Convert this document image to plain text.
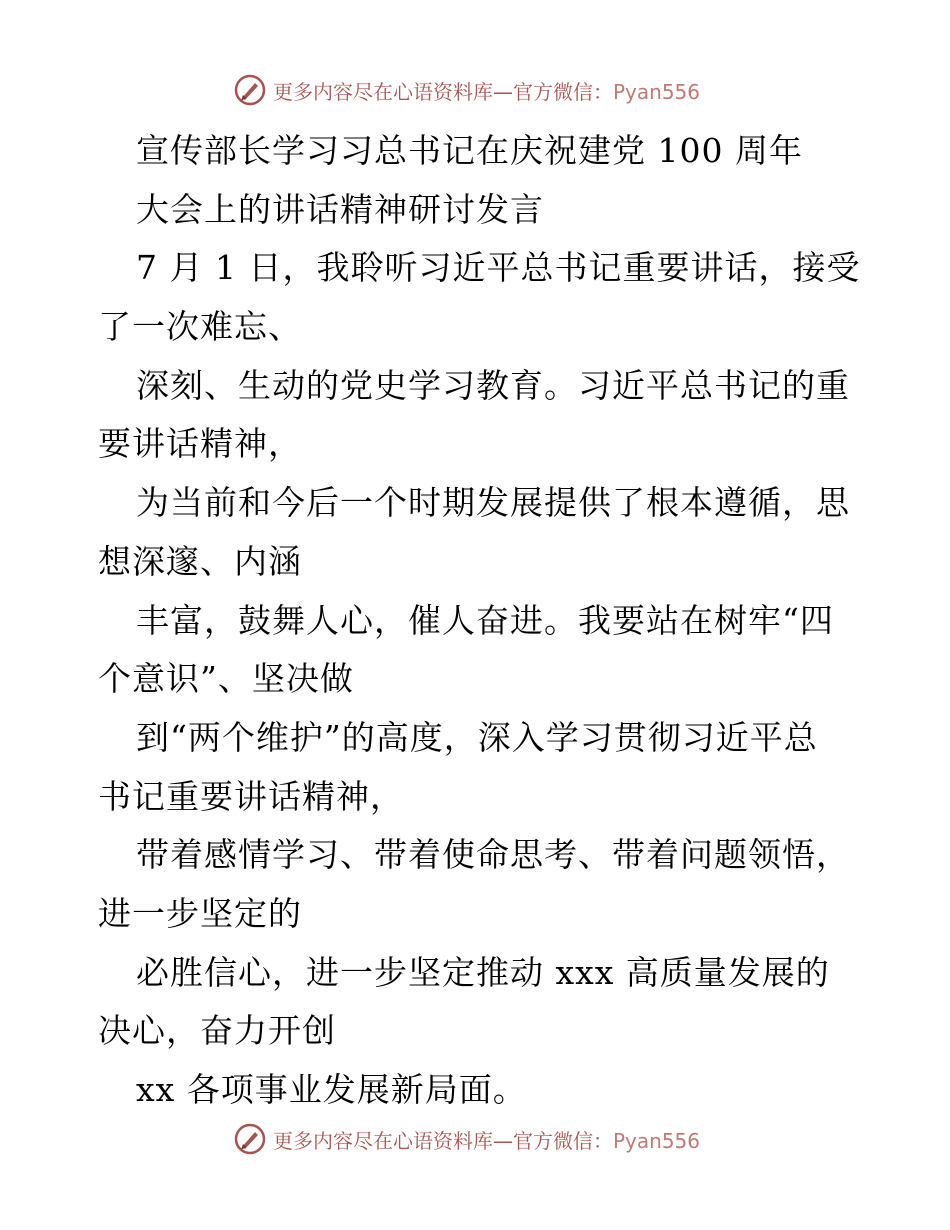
更多内容尽在心语资料库—官方微信：Pyan556
宣传部长学习习总书记在庆祝建党 100 周年
大会上的讲话精神研讨发言
7 月 1 日，我聆听习近平总书记重要讲话，接受
了一次难忘、
深刻、生动的党史学习教育。习近平总书记的重
要讲话精神，
为当前和今后一个时期发展提供了根本遵循，思
想深邃、内涵
丰富，鼓舞人心，催人奋进。我要站在树牢“四
个意识”、坚决做
到“两个维护”的高度，深入学习贯彻习近平总
书记重要讲话精神，
带着感情学习、带着使命思考、带着问题领悟，
进一步坚定的
必胜信心，进一步坚定推动 xxx 高质量发展的
决心，奋力开创
xx 各项事业发展新局面。
更多内容尽在心语资料库—官方微信：Pyan556
